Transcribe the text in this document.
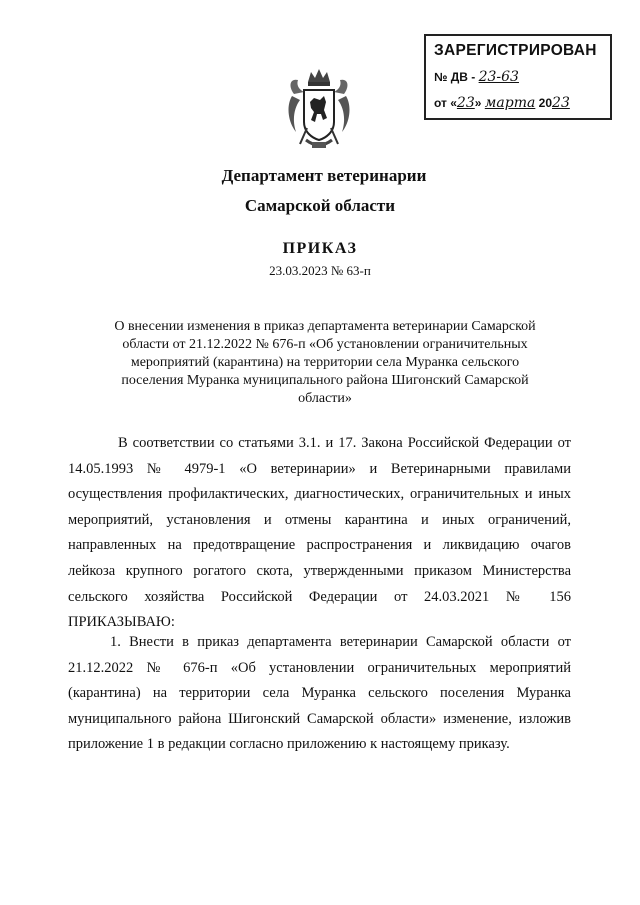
ЗАРЕГИСТРИРОВАН
№ ДВ - 23-63
от «23» марта 2023
Департамент ветеринарии
Самарской области
ПРИКАЗ
23.03.2023 № 63-п
О внесении изменения в приказ департамента ветеринарии Самарской области от 21.12.2022 № 676-п «Об установлении ограничительных мероприятий (карантина) на территории села Муранка сельского поселения Муранка муниципального района Шигонский Самарской области»

В соответствии со статьями 3.1. и 17. Закона Российской Федерации от 14.05.1993 № 4979-1 «О ветеринарии» и Ветеринарными правилами осуществления профилактических, диагностических, ограничительных и иных мероприятий, установления и отмены карантина и иных ограничений, направленных на предотвращение распространения и ликвидацию очагов лейкоза крупного рогатого скота, утвержденными приказом Министерства сельского хозяйства Российской Федерации от 24.03.2021 № 156 ПРИКАЗЫВАЮ:

1. Внести в приказ департамента ветеринарии Самарской области от 21.12.2022 № 676-п «Об установлении ограничительных мероприятий (карантина) на территории села Муранка сельского поселения Муранка муниципального района Шигонский Самарской области» изменение, изложив приложение 1 в редакции согласно приложению к настоящему приказу.
